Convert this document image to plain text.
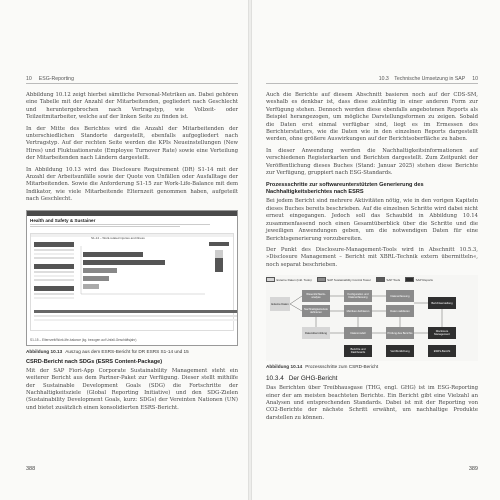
10 ESG-Reporting

Abbildung 10.12 zeigt hierbei sämtliche Personal-Metriken an. Dabei gehören eine Tabelle mit der Anzahl der Mitarbeitenden, gegliedert nach Geschlecht und heruntergebrochen nach Vertragstyp, wie Vollzeit- oder Teilzeitmitarbeiter, welche auf der linken Seite zu finden ist.

In der Mitte des Berichtes wird die Anzahl der Mitarbeitenden der unterschiedlichen Standorte dargestellt, ebenfalls aufgegliedert nach Vertragstyp. Auf der rechten Seite werden die KPIs Neueinstellungen (New Hires) und Fluktuationsrate (Employee Turnover Rate) sowie eine Verteilung der Mitarbeitenden nach Ländern dargestellt.

In Abbildung 10.13 wird das Disclosure Requirement (DR) S1-14 mit der Anzahl der Arbeitsunfälle sowie der Quote von Unfällen oder Ausfalltage der Mitarbeitenden. Sowie die Anforderung S1-15 zur Work-Life-Balance mit dem Indikator, wie viele Mitarbeitende Elternzeit genommen haben, aufgeteilt nach Geschlecht.

Health and Safety & Sustainer
S1-14 – Work-related injuries and illness
S1-15 – Elternzeit/Work-life-balance (kg. bezogen auf Unfall-Geschäftsjahr)
Abbildung 10.13 Auszug aus dem ESRS-Bericht für DR ESRS S1-14 und 15
CSRD-Bericht nach SDGs (ESRS Content-Package)

Mit der SAP Fiori-App Corporate Sustainability Management steht ein weiterer Bericht aus dem Partner-Paket zur Verfügung. Dieser stellt mithilfe der Sustainable Development Goals (SDG) die Fortschritte der Nachhaltigkeitsziele (Global Reporting Initiative) und den SDG-Zielen (Sustainability Development Goals, kurz: SDGs) der Vereinten Nationen (UN) und bietet zusätzlich einen konsolidierten ESRS-Bericht.

388
10.3 Technische Umsetzung in SAP 10

Auch die Berichte auf diesem Abschnitt basieren noch auf der CDS-SM, weshalb es denkbar ist, dass diese zukünftig in einer anderen Form zur Verfügung stehen. Dennoch werden diese ebenfalls angebotenen Reports als Beispiel herangezogen, um mögliche Darstellungsformen zu zeigen. Sobald die Daten erst einmal verfügbar sind, liegt es im Ermessen des Berichterstatters, wie die Daten wie in den einzelnen Reports dargestellt werden, ohne größere Auswirkungen auf der Berichtsoberfläche zu haben.

In dieser Anwendung werden die Nachhaltigkeitsinformationen auf verschiedenen Registerkarten und Berichten dargestellt. Zum Zeitpunkt der Veröffentlichung dieses Buches (Stand: Januar 2025) stehen diese Berichte zur Verfügung, gruppiert nach ESG-Standards.

Prozessschritte zur softwareunterstützten Generierung des Nachhaltigkeitsberichtes nach ESRS

Bei jedem Bericht sind mehrere Aktivitäten nötig, wie in den vorigen Kapiteln dieses Buches bereits beschrieben. Auf die einzelnen Schritte wird dabei nicht erneut eingegangen. Jedoch soll das Schaubild in Abbildung 10.14 zusammenfassend noch einen Gesamtüberblick über die Schritte und die jeweiligen Anwendungen geben, um die notwendigen Daten für eine Berichtsgenerierung vorzubereiten.

Der Punkt des Disclosure-Management-Tools wird in Abschnitt 10.5.3, »Disclosure Management – Bericht mit XBRL-Technik extern übermitteln«, noch separat beschrieben.

Externe Daten (inkl. Tools)	SAP Sustainability Control Tower	SAP Tools	SAP Reports
Externe Daten
Wesentlichkeitsanalyse
Nachhaltigkeitsziele definieren
Konfiguration und Datenerfassung
Metriken definieren
Datenerfassung
Daten validieren
Berichtserstellung
Disclosure Management
Datenübermittlung	Datenmodell	Prüfung des Berichts
Veröffentlichung
Berichte und Dashboards
ESRS-Bericht
Abbildung 10.14 Prozessschritte zum CSRD-Bericht
10.3.4 Der GHG-Bericht

Das Berichten über Treibhausgase (THG, engl. GHG) ist im ESG-Reporting einer der am meisten beachteten Berichte. Ein Bericht gibt eine Vielzahl an Analysen und entsprechenden Standards. Dabei ist mit der Reporting von CO2-Berichte der nächste Schritt erwähnt, um nachhaltige Produkte darstellen zu können.

389
